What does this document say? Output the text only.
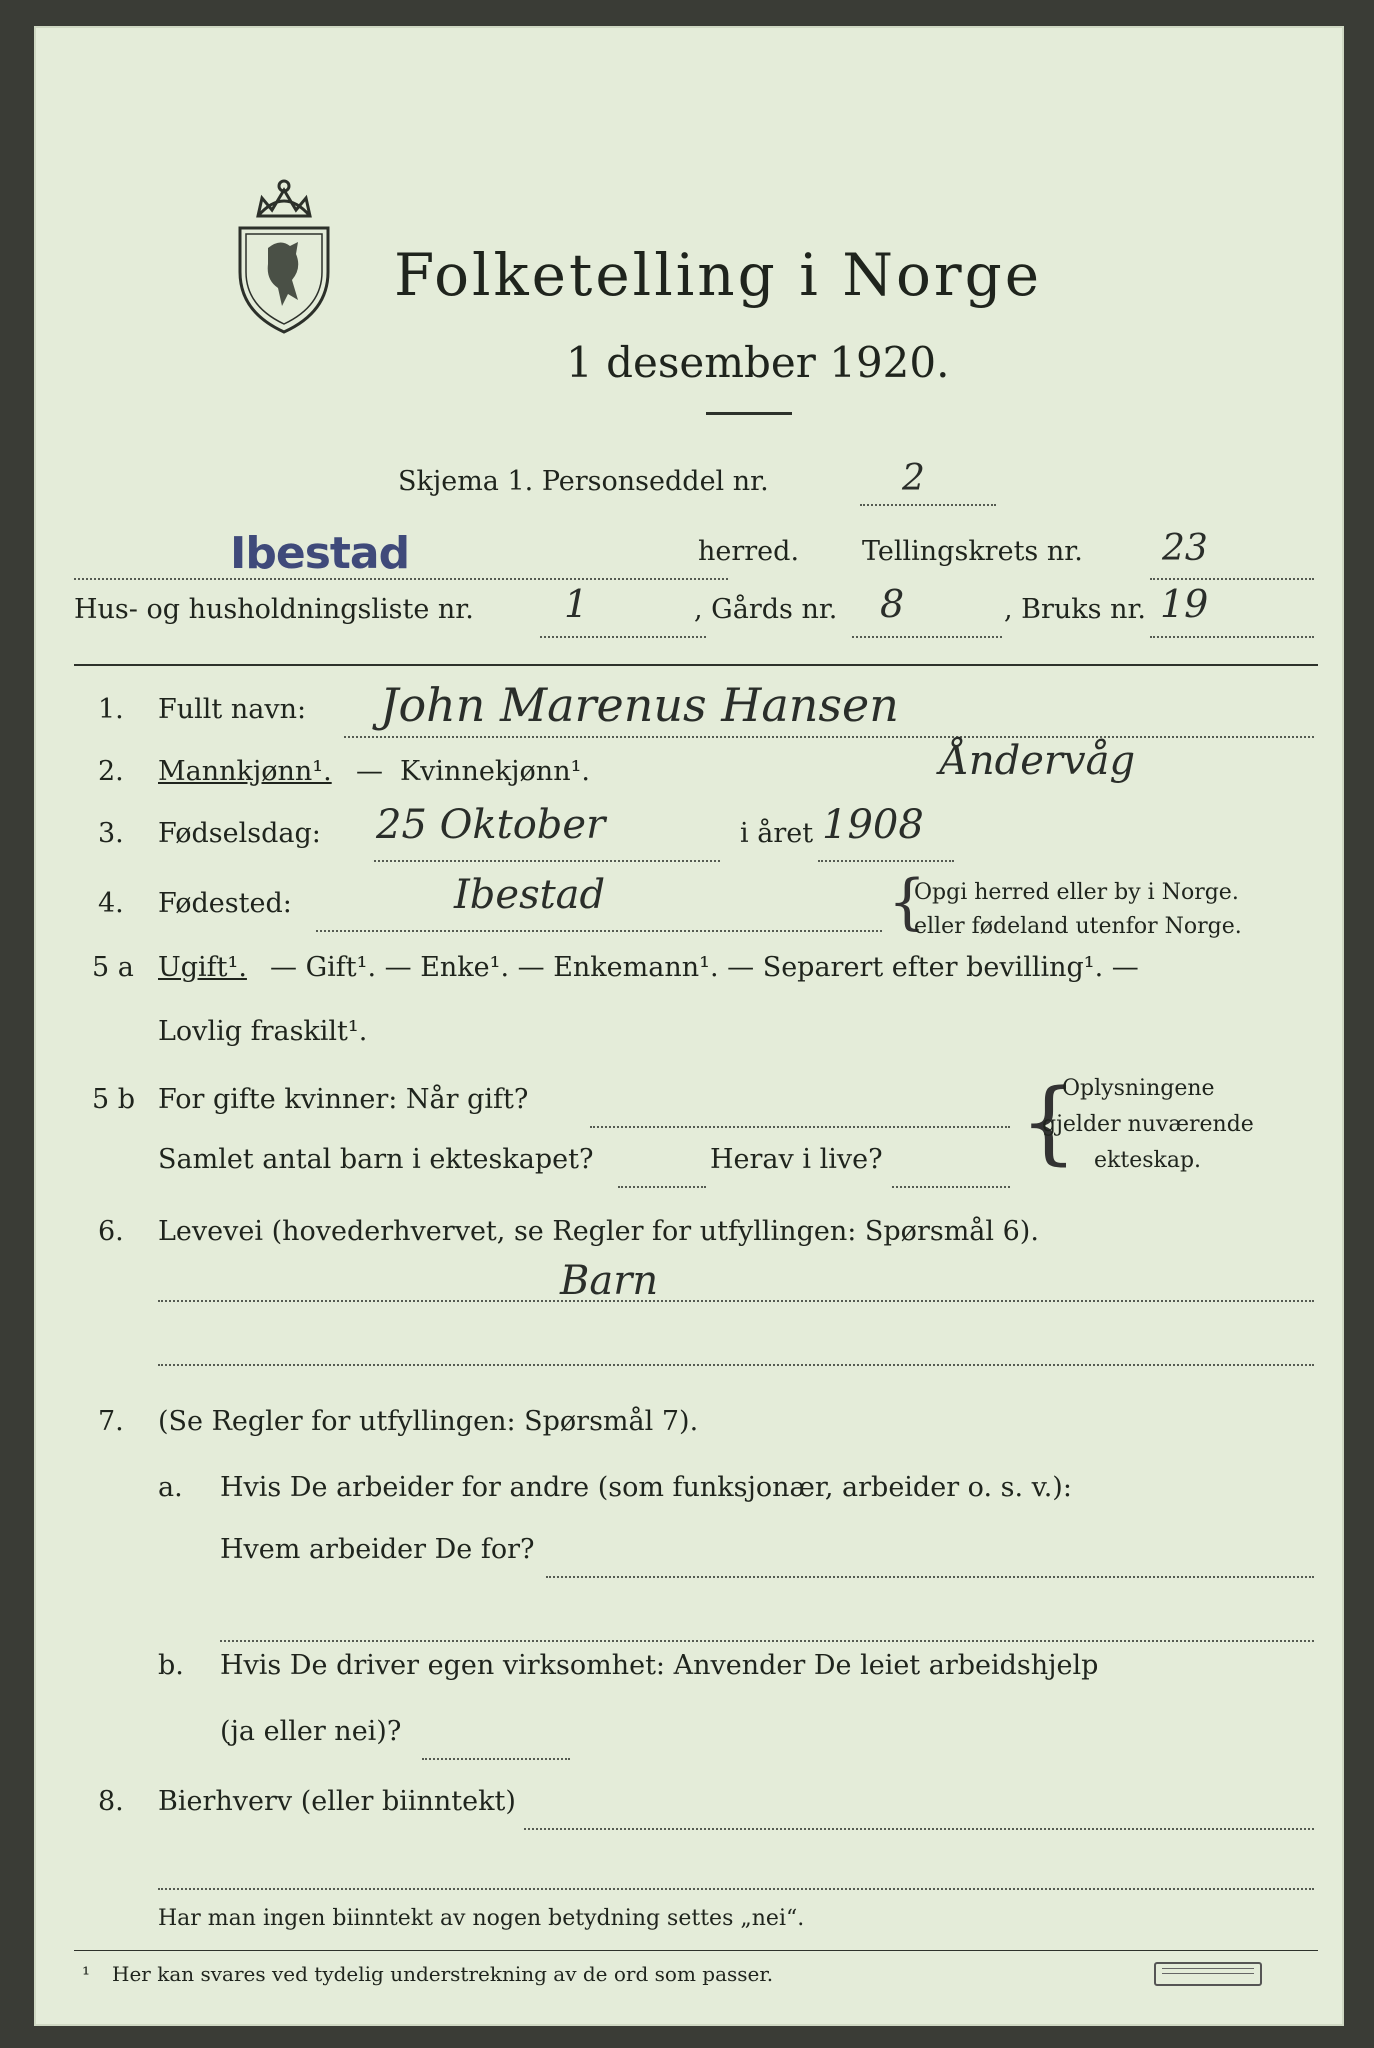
Folketelling i Norge
1 desember 1920.
Skjema 1. Personseddel nr.	2
Ibestad	herred. Tellingskrets nr. 23
Hus- og husholdningsliste nr. 1	, Gårds nr. 8	, Bruks nr. 19
1. Fullt navn: John Marenus Hansen
Åndervåg
2. Mannkjønn¹. — Kvinnekjønn¹.
3. Fødselsdag: 25 Oktober	i året 1908
4. Fødested:	Ibestad	{
Opgi herred eller by i Norge.
eller fødeland utenfor Norge.
5 a Ugift¹. — Gift¹. — Enke¹. — Enkemann¹. — Separert efter bevilling¹. —
Lovlig fraskilt¹.
5 b For gifte kvinner: Når gift?
Samlet antal barn i ekteskapet?	Herav i live? {
Oplysningene
gjelder nuværende
ekteskap.
6. Levevei (hovederhvervet, se Regler for utfyllingen: Spørsmål 6).
Barn
7. (Se Regler for utfyllingen: Spørsmål 7).
a. Hvis De arbeider for andre (som funksjonær, arbeider o. s. v.):
Hvem arbeider De for?
b. Hvis De driver egen virksomhet: Anvender De leiet arbeidshjelp
(ja eller nei)?
8. Bierhverv (eller biinntekt)
Har man ingen biinntekt av nogen betydning settes „nei“.
¹ Her kan svares ved tydelig understrekning av de ord som passer.
